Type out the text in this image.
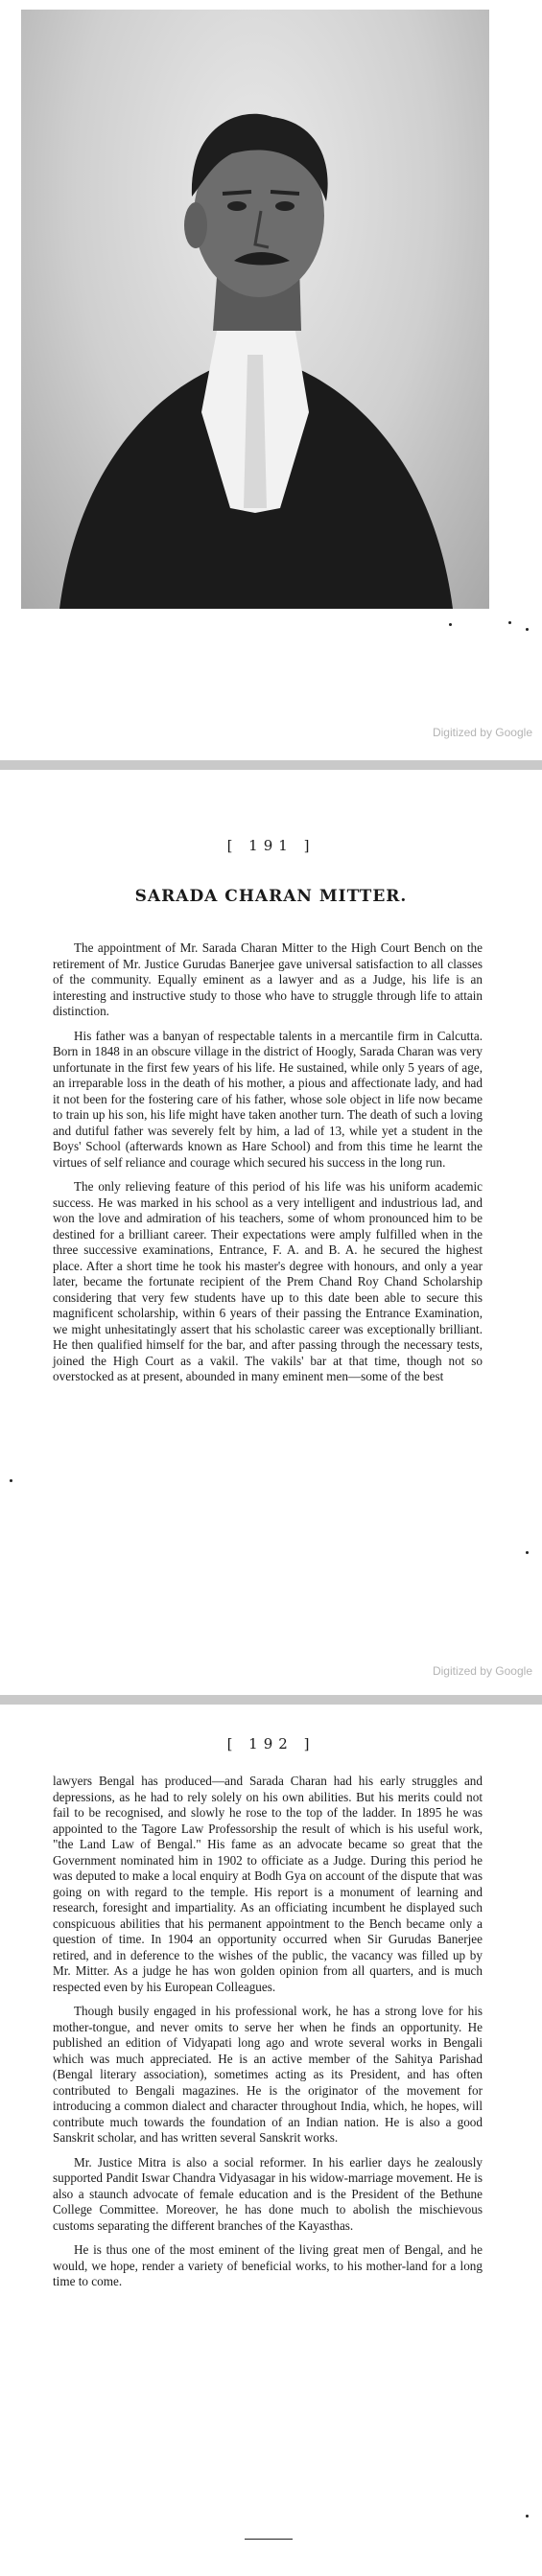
Digitized by Google
[ 191 ]
SARADA CHARAN MITTER.

The appointment of Mr. Sarada Charan Mitter to the High Court Bench on the retirement of Mr. Justice Gurudas Banerjee gave universal satisfaction to all classes of the community. Equally eminent as a lawyer and as a Judge, his life is an interesting and instructive study to those who have to struggle through life to attain distinction.

His father was a banyan of respectable talents in a mercantile firm in Calcutta. Born in 1848 in an obscure village in the district of Hoogly, Sarada Charan was very unfortunate in the first few years of his life. He sustained, while only 5 years of age, an irreparable loss in the death of his mother, a pious and affectionate lady, and had it not been for the fostering care of his father, whose sole object in life now became to train up his son, his life might have taken another turn. The death of such a loving and dutiful father was severely felt by him, a lad of 13, while yet a student in the Boys' School (afterwards known as Hare School) and from this time he learnt the virtues of self reliance and courage which secured his success in the long run.

The only relieving feature of this period of his life was his uniform academic success. He was marked in his school as a very intelligent and industrious lad, and won the love and admiration of his teachers, some of whom pronounced him to be destined for a brilliant career. Their expectations were amply fulfilled when in the three successive examinations, Entrance, F. A. and B. A. he secured the highest place. After a short time he took his master's degree with honours, and only a year later, became the fortunate recipient of the Prem Chand Roy Chand Scholarship considering that very few students have up to this date been able to secure this magnificent scholarship, within 6 years of their passing the Entrance Examination, we might unhesitatingly assert that his scholastic career was exceptionally brilliant. He then qualified himself for the bar, and after passing through the necessary tests, joined the High Court as a vakil. The vakils' bar at that time, though not so overstocked as at present, abounded in many eminent men—some of the best

Digitized by Google
[ 192 ]

lawyers Bengal has produced—and Sarada Charan had his early struggles and depressions, as he had to rely solely on his own abilities. But his merits could not fail to be recognised, and slowly he rose to the top of the ladder. In 1895 he was appointed to the Tagore Law Professorship the result of which is his useful work, "the Land Law of Bengal." His fame as an advocate became so great that the Government nominated him in 1902 to officiate as a Judge. During this period he was deputed to make a local enquiry at Bodh Gya on account of the dispute that was going on with regard to the temple. His report is a monument of learning and research, foresight and impartiality. As an officiating incumbent he displayed such conspicuous abilities that his permanent appointment to the Bench became only a question of time. In 1904 an opportunity occurred when Sir Gurudas Banerjee retired, and in deference to the wishes of the public, the vacancy was filled up by Mr. Mitter. As a judge he has won golden opinion from all quarters, and is much respected even by his European Colleagues.

Though busily engaged in his professional work, he has a strong love for his mother-tongue, and never omits to serve her when he finds an opportunity. He published an edition of Vidyapati long ago and wrote several works in Bengali which was much appreciated. He is an active member of the Sahitya Parishad (Bengal literary association), sometimes acting as its President, and has often contributed to Bengali magazines. He is the originator of the movement for introducing a common dialect and character throughout India, which, he hopes, will contribute much towards the foundation of an Indian nation. He is also a good Sanskrit scholar, and has written several Sanskrit works.

Mr. Justice Mitra is also a social reformer. In his earlier days he zealously supported Pandit Iswar Chandra Vidyasagar in his widow-marriage movement. He is also a staunch advocate of female education and is the President of the Bethune College Committee. Moreover, he has done much to abolish the mischievous customs separating the different branches of the Kayasthas.

He is thus one of the most eminent of the living great men of Bengal, and he would, we hope, render a variety of beneficial works, to his mother-land for a long time to come.
